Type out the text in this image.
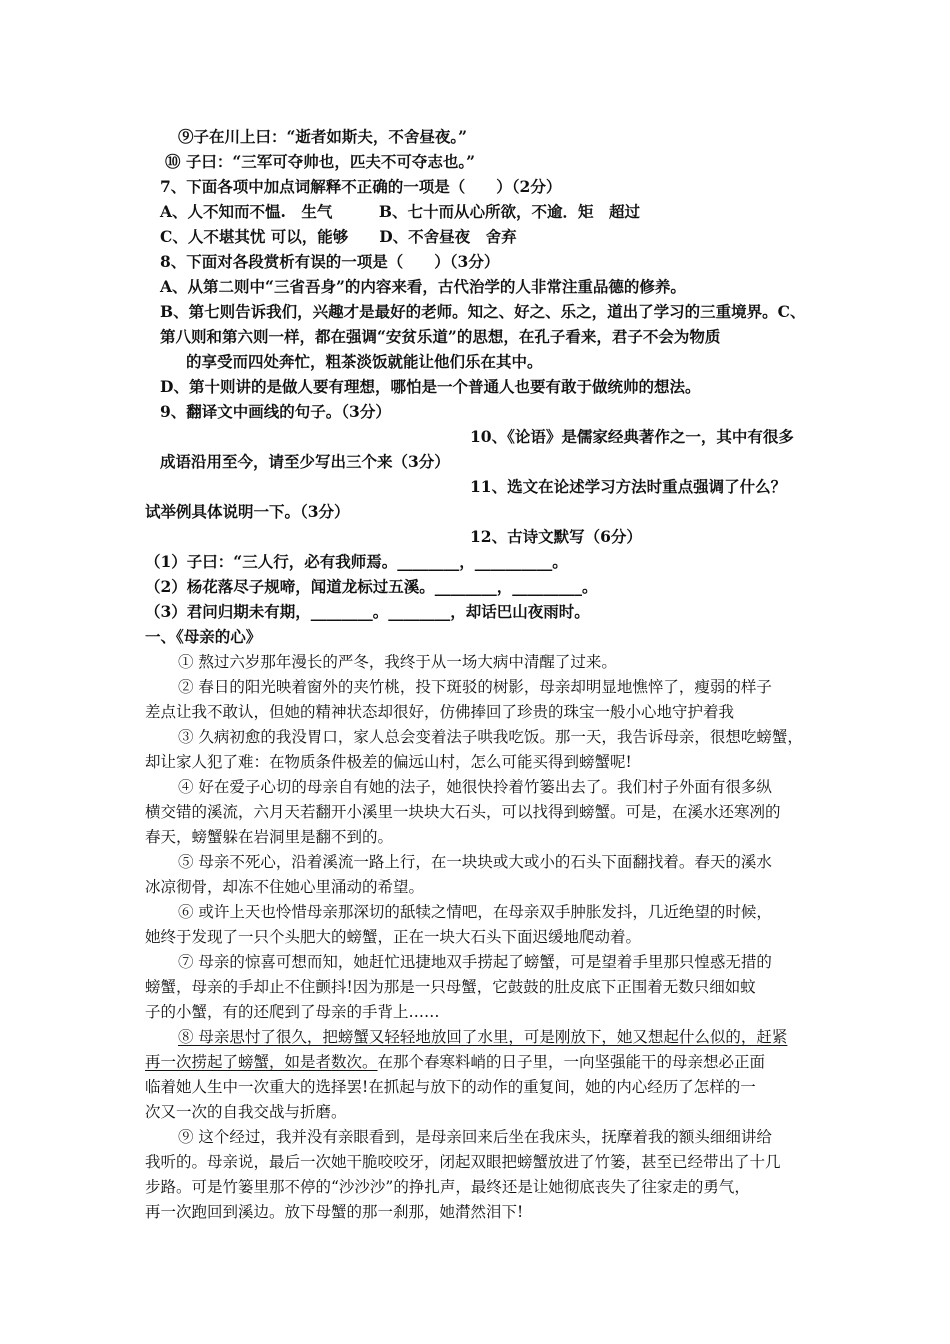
⑨子在川上曰：“逝者如斯夫，不舍昼夜。”
⑩ 子曰：“三军可夺帅也，匹夫不可夺志也。”
7、下面各项中加点词解释不正确的一项是（　　）（2分）
A、人不知而不愠.　生气　　　B、七十而从心所欲，不逾．矩　超过
C、人不堪其忧 可以，能够　　D、不舍昼夜　舍弃
8、下面对各段赏析有误的一项是（　　）（3分）
A、从第二则中“三省吾身”的内容来看，古代治学的人非常注重品德的修养。
B、第七则告诉我们，兴趣才是最好的老师。知之、好之、乐之，道出了学习的三重境界。C、
第八则和第六则一样，都在强调“安贫乐道”的思想，在孔子看来，君子不会为物质
的享受而四处奔忙，粗茶淡饭就能让他们乐在其中。
D、第十则讲的是做人要有理想，哪怕是一个普通人也要有敢于做统帅的想法。
9、翻译文中画线的句子。（3分）
10、《论语》是儒家经典著作之一，其中有很多
成语沿用至今，请至少写出三个来（3分）
11、选文在论述学习方法时重点强调了什么？
试举例具体说明一下。（3分）
12、古诗文默写（6分）
（1）子曰：“三人行，必有我师焉。________，__________。
（2）杨花落尽子规啼，闻道龙标过五溪。________，_________。
（3）君问归期未有期，________。________，却话巴山夜雨时。
一、《母亲的心》
① 熬过六岁那年漫长的严冬，我终于从一场大病中清醒了过来。
② 春日的阳光映着窗外的夹竹桃，投下斑驳的树影，母亲却明显地憔悴了，瘦弱的样子
差点让我不敢认，但她的精神状态却很好，仿佛捧回了珍贵的珠宝一般小心地守护着我
③ 久病初愈的我没胃口，家人总会变着法子哄我吃饭。那一天，我告诉母亲，很想吃螃蟹，
却让家人犯了难：在物质条件极差的偏远山村，怎么可能买得到螃蟹呢!
④ 好在爱子心切的母亲自有她的法子，她很快拎着竹篓出去了。我们村子外面有很多纵
横交错的溪流，六月天若翻开小溪里一块块大石头，可以找得到螃蟹。可是，在溪水还寒冽的
春天，螃蟹躲在岩洞里是翻不到的。
⑤ 母亲不死心，沿着溪流一路上行，在一块块或大或小的石头下面翻找着。春天的溪水
冰凉彻骨，却冻不住她心里涌动的希望。
⑥ 或许上天也怜惜母亲那深切的舐犊之情吧，在母亲双手肿胀发抖，几近绝望的时候，
她终于发现了一只个头肥大的螃蟹，正在一块大石头下面迟缓地爬动着。
⑦ 母亲的惊喜可想而知，她赶忙迅捷地双手捞起了螃蟹，可是望着手里那只惶惑无措的
螃蟹，母亲的手却止不住颤抖!因为那是一只母蟹，它鼓鼓的肚皮底下正围着无数只细如蚊
子的小蟹，有的还爬到了母亲的手背上……
⑧ 母亲思忖了很久，把螃蟹又轻轻地放回了水里，可是刚放下，她又想起什么似的，赶紧
再一次捞起了螃蟹，如是者数次。在那个春寒料峭的日子里，一向坚强能干的母亲想必正面
临着她人生中一次重大的选择罢!在抓起与放下的动作的重复间，她的内心经历了怎样的一
次又一次的自我交战与折磨。
⑨ 这个经过，我并没有亲眼看到，是母亲回来后坐在我床头，抚摩着我的额头细细讲给
我听的。母亲说，最后一次她干脆咬咬牙，闭起双眼把螃蟹放进了竹篓，甚至已经带出了十几
步路。可是竹篓里那不停的“沙沙沙”的挣扎声，最终还是让她彻底丧失了往家走的勇气，
再一次跑回到溪边。放下母蟹的那一刹那，她潸然泪下!
